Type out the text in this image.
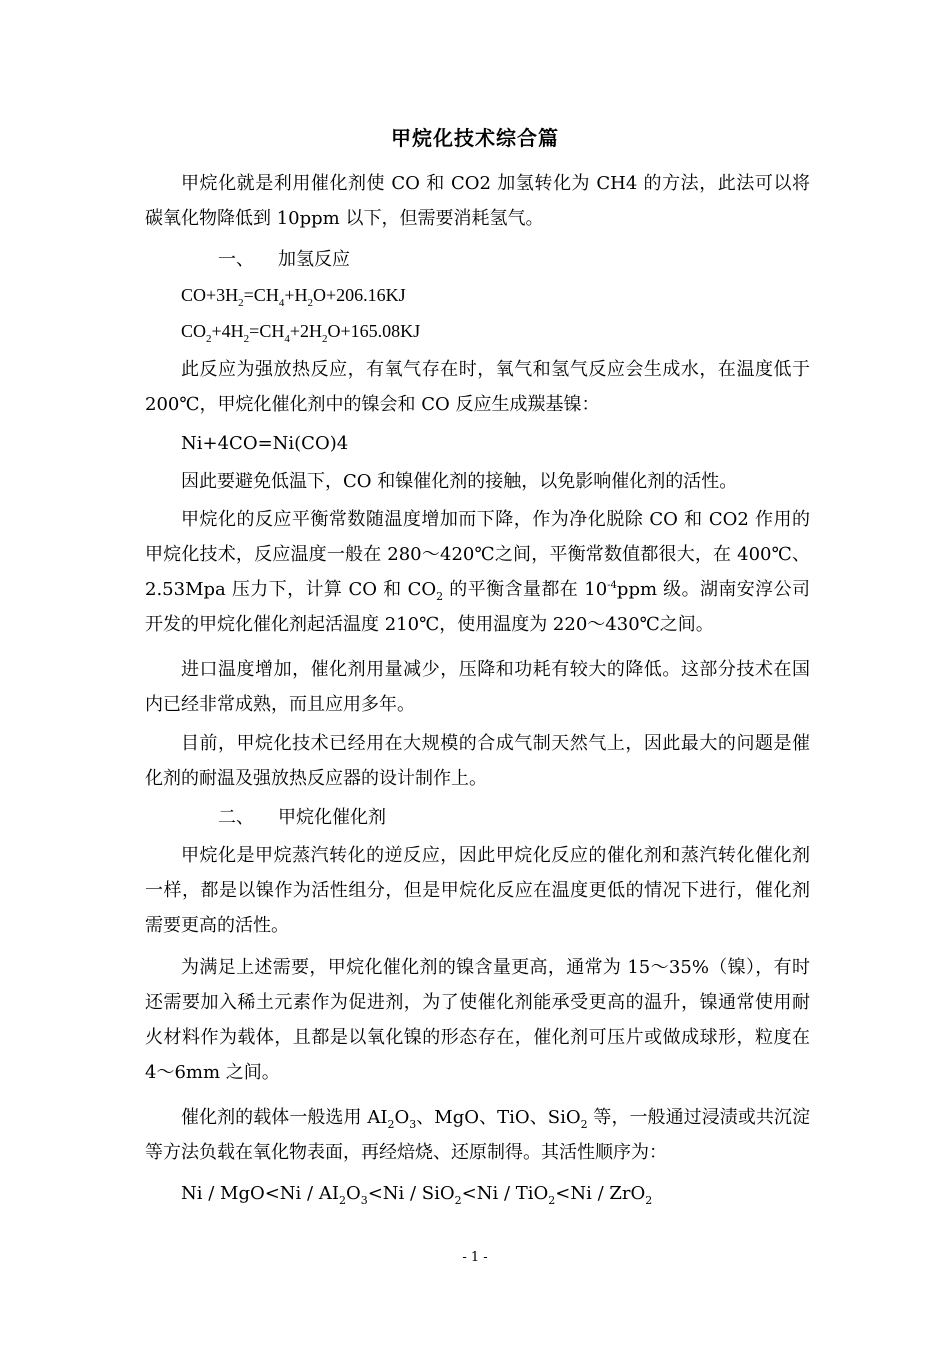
甲烷化技术综合篇

甲烷化就是利用催化剂使 CO 和 CO2 加氢转化为 CH4 的方法，此法可以将碳氧化物降低到 10ppm 以下，但需要消耗氢气。

一、 加氢反应

$CO+3H_2=CH_4+H_2O+206.16KJ$

$CO_2+4H_2=CH_4+2H_2O+165.08KJ$

此反应为强放热反应，有氧气存在时，氧气和氢气反应会生成水，在温度低于 200℃，甲烷化催化剂中的镍会和 CO 反应生成羰基镍：

Ni+4CO=Ni(CO)4

因此要避免低温下，CO 和镍催化剂的接触，以免影响催化剂的活性。

甲烷化的反应平衡常数随温度增加而下降，作为净化脱除 CO 和 CO2 作用的甲烷化技术，反应温度一般在 280～420℃之间，平衡常数值都很大，在 400℃、2.53Mpa 压力下，计算 CO 和 $CO_2$ 的平衡含量都在 $10^{-4}ppm$ 级。湖南安淳公司开发的甲烷化催化剂起活温度 210℃，使用温度为 220～430℃之间。

进口温度增加，催化剂用量减少，压降和功耗有较大的降低。这部分技术在国内已经非常成熟，而且应用多年。

目前，甲烷化技术已经用在大规模的合成气制天然气上，因此最大的问题是催化剂的耐温及强放热反应器的设计制作上。

二、 甲烷化催化剂

甲烷化是甲烷蒸汽转化的逆反应，因此甲烷化反应的催化剂和蒸汽转化催化剂一样，都是以镍作为活性组分，但是甲烷化反应在温度更低的情况下进行，催化剂需要更高的活性。

为满足上述需要，甲烷化催化剂的镍含量更高，通常为 15～35%（镍），有时还需要加入稀土元素作为促进剂，为了使催化剂能承受更高的温升，镍通常使用耐火材料作为载体，且都是以氧化镍的形态存在，催化剂可压片或做成球形，粒度在 4～6mm 之间。

催化剂的载体一般选用 $AI_2O_3$、MgO、TiO、SiO$_2$ 等，一般通过浸渍或共沉淀等方法负载在氧化物表面，再经焙烧、还原制得。其活性顺序为：

$Ni / MgO<Ni / AI_2O_3<Ni / SiO_2<Ni / TiO_2<Ni / ZrO_2$

- 1 -
